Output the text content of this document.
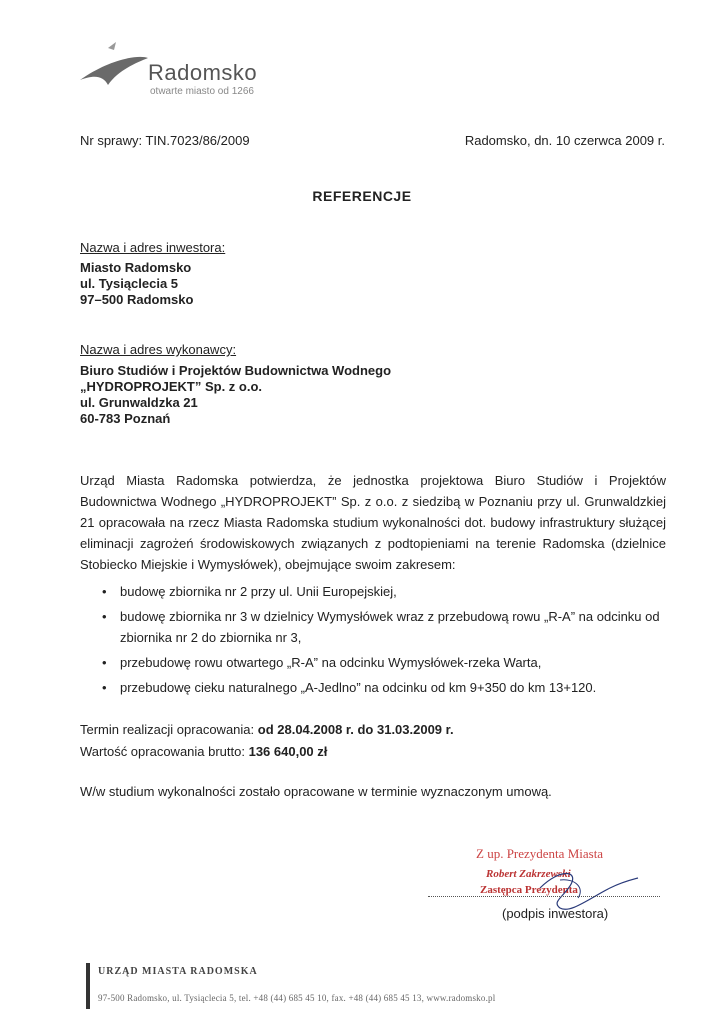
Radomsko
otwarte miasto od 1266
Nr sprawy: TIN.7023/86/2009	Radomsko, dn. 10 czerwca 2009 r.
REFERENCJE
Nazwa i adres inwestora:
Miasto Radomsko
ul. Tysiąclecia 5
97–500 Radomsko
Nazwa i adres wykonawcy:
Biuro Studiów i Projektów Budownictwa Wodnego
„HYDROPROJEKT” Sp. z o.o.
ul. Grunwaldzka 21
60-783 Poznań
Urząd Miasta Radomska potwierdza, że jednostka projektowa Biuro Studiów i Projektów Budownictwa Wodnego „HYDROPROJEKT” Sp. z o.o. z siedzibą w Poznaniu przy ul. Grunwaldzkiej 21 opracowała na rzecz Miasta Radomska studium wykonalności dot. budowy infrastruktury służącej eliminacji zagrożeń środowiskowych związanych z podtopieniami na terenie Radomska (dzielnice Stobiecko Miejskie i Wymysłówek), obejmujące swoim zakresem:
• budowę zbiornika nr 2 przy ul. Unii Europejskiej,
• budowę zbiornika nr 3 w dzielnicy Wymysłówek wraz z przebudową rowu „R-A” na odcinku od zbiornika nr 2 do zbiornika nr 3,
• przebudowę rowu otwartego „R-A” na odcinku Wymysłówek-rzeka Warta,
• przebudowę cieku naturalnego „A-Jedlno” na odcinku od km 9+350 do km 13+120.
Termin realizacji opracowania: od 28.04.2008 r. do 31.03.2009 r.
Wartość opracowania brutto: 136 640,00 zł
W/w studium wykonalności zostało opracowane w terminie wyznaczonym umową.
Z up. Prezydenta Miasta
Robert Zakrzewski
Zastępca Prezydenta
(podpis inwestora)
URZĄD MIASTA RADOMSKA
97-500 Radomsko, ul. Tysiąclecia 5, tel. +48 (44) 685 45 10, fax. +48 (44) 685 45 13, www.radomsko.pl
